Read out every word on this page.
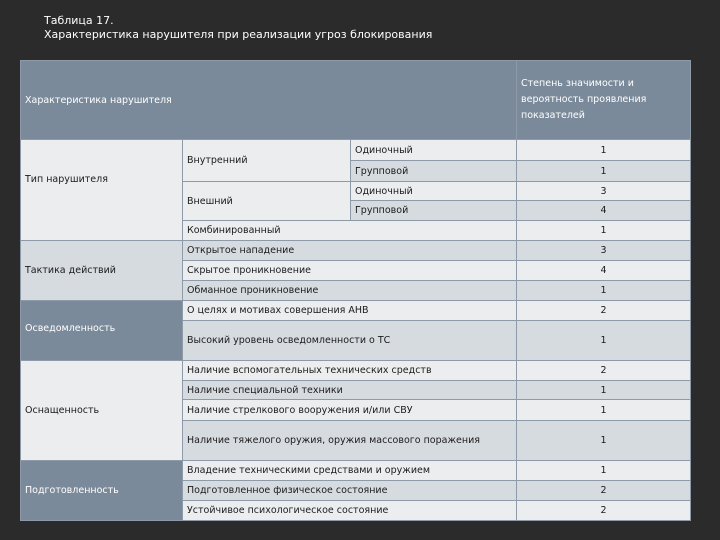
Таблица 17.
Характеристика нарушителя при реализации угроз блокирования
Характеристика нарушителя			Степень значимости и
вероятность проявления
показателей

Тип нарушителя	Внутренний	Одиночный	1
		Групповой	1
	Внешний	Одиночный	3
		Групповой	4
	Комбинированный		1
Тактика действий	Открытое нападение		3
	Скрытое проникновение		4
	Обманное проникновение		1
Осведомленность	О целях и мотивах совершения АНВ		2
	Высокий уровень осведомленности о ТС		1
Оснащенность	Наличие вспомогательных технических средств		2
	Наличие специальной техники		1
	Наличие стрелкового вооружения и/или СВУ		1
	Наличие тяжелого оружия, оружия массового поражения		1
Подготовленность	Владение техническими средствами и оружием		1
	Подготовленное физическое состояние		2
	Устойчивое психологическое состояние		2
